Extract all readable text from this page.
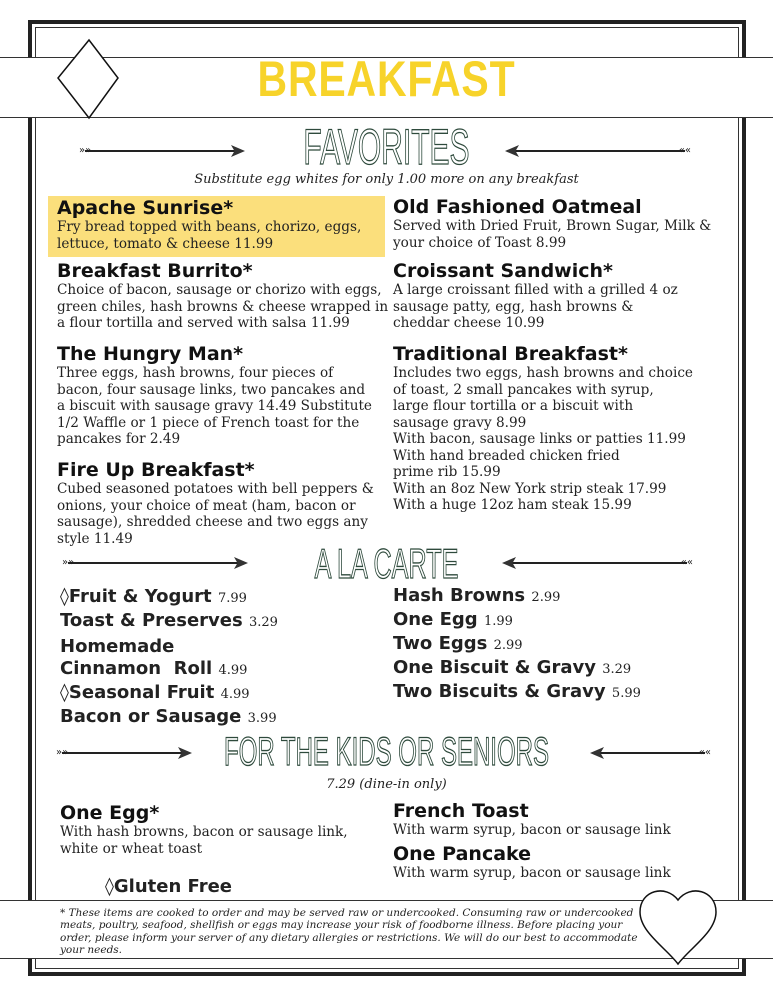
BREAKFAST
»»	FAVORITES	««
Substitute egg whites for only 1.00 more on any breakfast
Apache Sunrise*

Fry bread topped with beans, chorizo, eggs, lettuce, tomato & cheese 11.99

Breakfast Burrito*

Choice of bacon, sausage or chorizo with eggs, green chiles, hash browns & cheese wrapped in a flour tortilla and served with salsa 11.99

The Hungry Man*

Three eggs, hash browns, four pieces of bacon, four sausage links, two pancakes and a biscuit with sausage gravy 14.49 Substitute 1/2 Waffle or 1 piece of French toast for the pancakes for 2.49

Fire Up Breakfast*

Cubed seasoned potatoes with bell peppers & onions, your choice of meat (ham, bacon or sausage), shredded cheese and two eggs any style 11.49

Old Fashioned Oatmeal

Served with Dried Fruit, Brown Sugar, Milk & your choice of Toast 8.99

Croissant Sandwich*

A large croissant filled with a grilled 4 oz sausage patty, egg, hash browns & cheddar cheese 10.99

Traditional Breakfast*

Includes two eggs, hash browns and choice of toast, 2 small pancakes with syrup, large flour tortilla or a biscuit with sausage gravy 8.99

With bacon, sausage links or patties 11.99

With hand breaded chicken fried prime rib 15.99

With an 8oz New York strip steak 17.99

With a huge 12oz ham steak 15.99

»»	A LA CARTE	««
◊Fruit & Yogurt 7.99
Toast & Preserves 3.29
Homemade
Cinnamon  Roll 4.99
◊Seasonal Fruit 4.99
Bacon or Sausage 3.99
Hash Browns 2.99
One Egg 1.99
Two Eggs 2.99
One Biscuit & Gravy 3.29
Two Biscuits & Gravy 5.99
»»	FOR THE KIDS OR SENIORS	««
7.29 (dine-in only)
One Egg*

With hash browns, bacon or sausage link, white or wheat toast

French Toast

With warm syrup, bacon or sausage link

One Pancake

With warm syrup, bacon or sausage link

◊Gluten Free
* These items are cooked to order and may be served raw or undercooked. Consuming raw or undercooked meats, poultry, seafood, shellfish or eggs may increase your risk of foodborne illness. Before placing your order, please inform your server of any dietary allergies or restrictions. We will do our best to accommodate your needs.
